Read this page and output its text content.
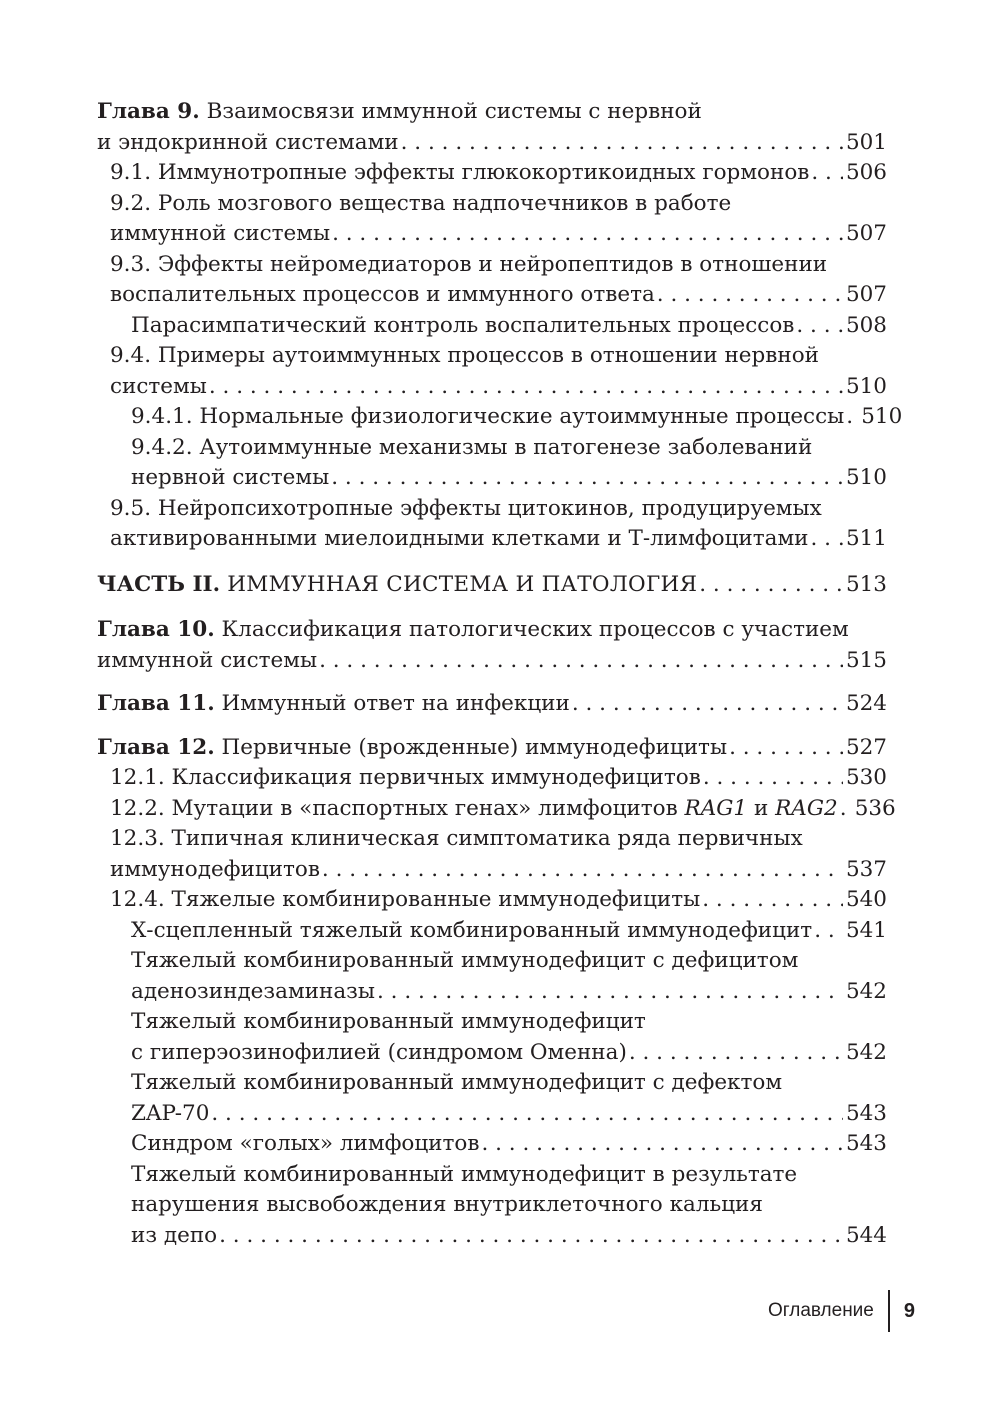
Глава 9. Взаимосвязи иммунной системы с нервной
и эндокринной системами . . .	501
9.1. Иммунотропные эффекты глюкокортикоидных гормонов . . . 506
9.2. Роль мозгового вещества надпочечников в работе
иммунной системы . . .	507
9.3. Эффекты нейромедиаторов и нейропептидов в отношении
воспалительных процессов и иммунного ответа . . .	507
Парасимпатический контроль воспалительных процессов . . . 508
9.4. Примеры аутоиммунных процессов в отношении нервной
системы . . .	510
9.4.1. Нормальные физиологические аутоиммунные процессы . . . 510
9.4.2. Аутоиммунные механизмы в патогенезе заболеваний
нервной системы . . .	510
9.5. Нейропсихотропные эффекты цитокинов, продуцируемых
активированными миелоидными клетками и Т-лимфоцитами . . . 511
ЧАСТЬ II. ИММУННАЯ СИСТЕМА И ПАТОЛОГИЯ . . .	513
Глава 10. Классификация патологических процессов с участием
иммунной системы . . .	515
Глава 11. Иммунный ответ на инфекции . . .	524
Глава 12. Первичные (врожденные) иммунодефициты . . .	527
12.1. Классификация первичных иммунодефицитов . . .	530
12.2. Мутации в «паспортных генах» лимфоцитов RAG1 и RAG2 . . . 536
12.3. Типичная клиническая симптоматика ряда первичных
иммунодефицитов . . .	537
12.4. Тяжелые комбинированные иммунодефициты . . .	540
Х-сцепленный тяжелый комбинированный иммунодефицит . . . 541
Тяжелый комбинированный иммунодефицит с дефицитом
аденозиндезаминазы . . .	542
Тяжелый комбинированный иммунодефицит
с гиперэозинофилией (синдромом Оменна) . . .	542
Тяжелый комбинированный иммунодефицит с дефектом
ZAP-70 . . .	543
Синдром «голых» лимфоцитов . . .	543
Тяжелый комбинированный иммунодефицит в результате
нарушения высвобождения внутриклеточного кальция
из депо . . .	544
Оглавление	9
